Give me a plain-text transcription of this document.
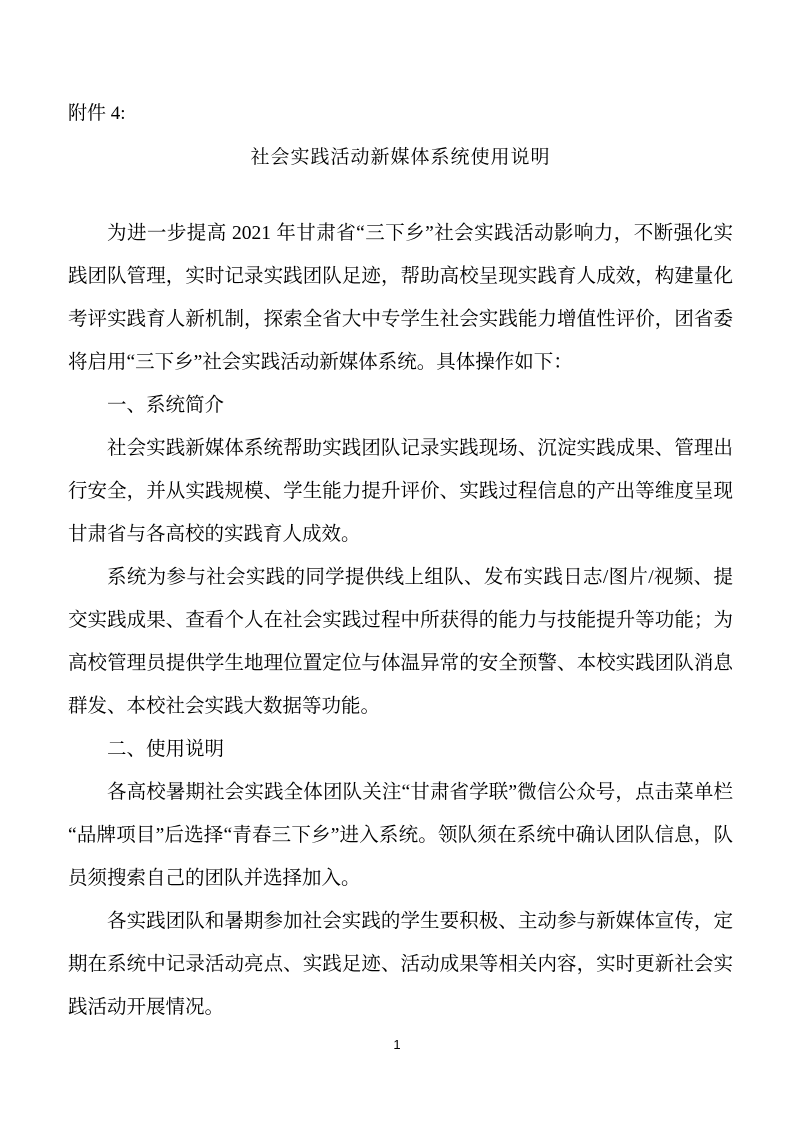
附件 4:
社会实践活动新媒体系统使用说明

为进一步提高 2021 年甘肃省“三下乡”社会实践活动影响力，不断强化实践团队管理，实时记录实践团队足迹，帮助高校呈现实践育人成效，构建量化考评实践育人新机制，探索全省大中专学生社会实践能力增值性评价，团省委将启用“三下乡”社会实践活动新媒体系统。具体操作如下：

一、系统简介

社会实践新媒体系统帮助实践团队记录实践现场、沉淀实践成果、管理出行安全，并从实践规模、学生能力提升评价、实践过程信息的产出等维度呈现甘肃省与各高校的实践育人成效。

系统为参与社会实践的同学提供线上组队、发布实践日志/图片/视频、提交实践成果、查看个人在社会实践过程中所获得的能力与技能提升等功能；为高校管理员提供学生地理位置定位与体温异常的安全预警、本校实践团队消息群发、本校社会实践大数据等功能。

二、使用说明

各高校暑期社会实践全体团队关注“甘肃省学联”微信公众号，点击菜单栏“品牌项目”后选择“青春三下乡”进入系统。领队须在系统中确认团队信息，队员须搜索自己的团队并选择加入。

各实践团队和暑期参加社会实践的学生要积极、主动参与新媒体宣传，定期在系统中记录活动亮点、实践足迹、活动成果等相关内容，实时更新社会实践活动开展情况。

1
